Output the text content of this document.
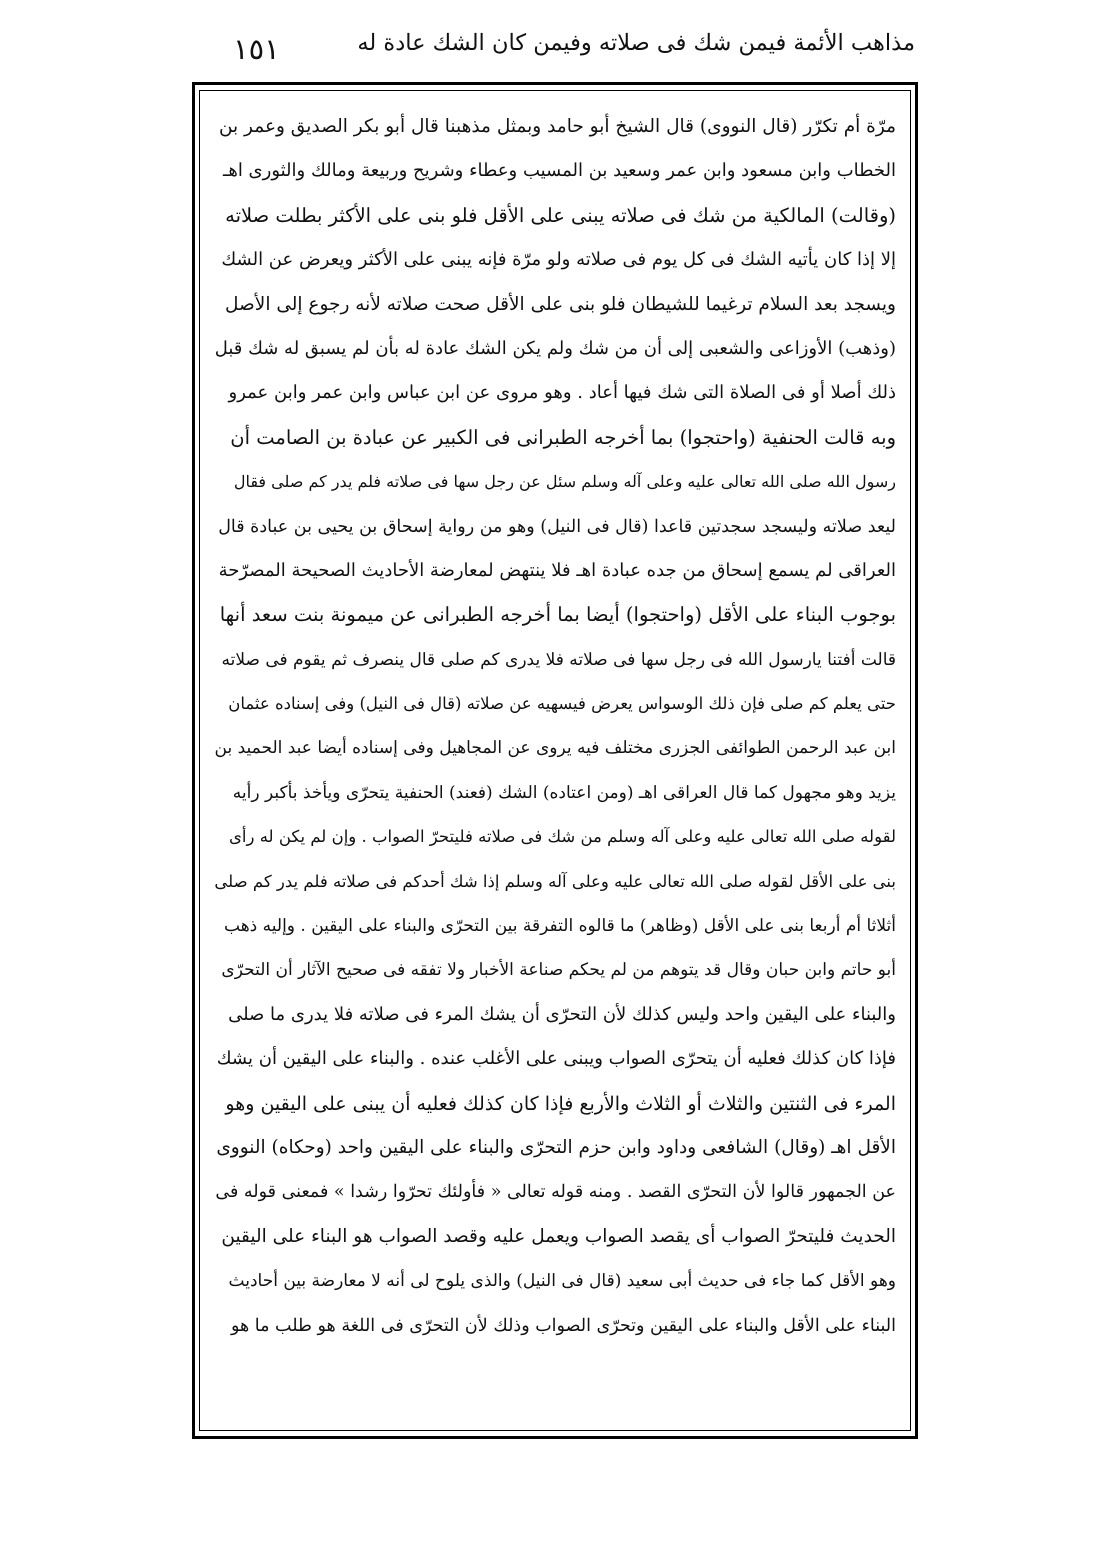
مذاهب الأئمة فيمن شك فى صلاته وفيمن كان الشك عادة له
١٥١
مرّة أم تكرّر (قال النووى) قال الشيخ أبو حامد وبمثل مذهبنا قال أبو بكر الصديق وعمر بن
الخطاب وابن مسعود وابن عمر وسعيد بن المسيب وعطاء وشريح وربيعة ومالك والثورى اهـ
(وقالت) المالكية من شك فى صلاته يبنى على الأقل فلو بنى على الأكثر بطلت صلاته
إلا إذا كان يأتيه الشك فى كل يوم فى صلاته ولو مرّة فإنه يبنى على الأكثر ويعرض عن الشك
ويسجد بعد السلام ترغيما للشيطان فلو بنى على الأقل صحت صلاته لأنه رجوع إلى الأصل
(وذهب) الأوزاعى والشعبى إلى أن من شك ولم يكن الشك عادة له بأن لم يسبق له شك قبل
ذلك أصلا أو فى الصلاة التى شك فيها أعاد . وهو مروى عن ابن عباس وابن عمر وابن عمرو
وبه قالت الحنفية (واحتجوا) بما أخرجه الطبرانى فى الكبير عن عبادة بن الصامت أن
رسول الله صلى الله تعالى عليه وعلى آله وسلم سئل عن رجل سها فى صلاته فلم يدر كم صلى فقال
ليعد صلاته وليسجد سجدتين قاعدا (قال فى النيل) وهو من رواية إسحاق بن يحيى بن عبادة قال
العراقى لم يسمع إسحاق من جده عبادة اهـ فلا ينتهض لمعارضة الأحاديث الصحيحة المصرّحة
بوجوب البناء على الأقل (واحتجوا) أيضا بما أخرجه الطبرانى عن ميمونة بنت سعد أنها
قالت أفتنا يارسول الله فى رجل سها فى صلاته فلا يدرى كم صلى قال ينصرف ثم يقوم فى صلاته
حتى يعلم كم صلى فإن ذلك الوسواس يعرض فيسهيه عن صلاته (قال فى النيل) وفى إسناده عثمان
ابن عبد الرحمن الطوائفى الجزرى مختلف فيه يروى عن المجاهيل وفى إسناده أيضا عبد الحميد بن
يزيد وهو مجهول كما قال العراقى اهـ (ومن اعتاده) الشك (فعند) الحنفية يتحرّى ويأخذ بأكبر رأيه
لقوله صلى الله تعالى عليه وعلى آله وسلم من شك فى صلاته فليتحرّ الصواب . وإن لم يكن له رأى
بنى على الأقل لقوله صلى الله تعالى عليه وعلى آله وسلم إذا شك أحدكم فى صلاته فلم يدر كم صلى
أثلاثا أم أربعا بنى على الأقل (وظاهر) ما قالوه التفرقة بين التحرّى والبناء على اليقين . وإليه ذهب
أبو حاتم وابن حبان وقال قد يتوهم من لم يحكم صناعة الأخبار ولا تفقه فى صحيح الآثار أن التحرّى
والبناء على اليقين واحد وليس كذلك لأن التحرّى أن يشك المرء فى صلاته فلا يدرى ما صلى
فإذا كان كذلك فعليه أن يتحرّى الصواب ويبنى على الأغلب عنده . والبناء على اليقين أن يشك
المرء فى الثنتين والثلاث أو الثلاث والأربع فإذا كان كذلك فعليه أن يبنى على اليقين وهو
الأقل اهـ (وقال) الشافعى وداود وابن حزم التحرّى والبناء على اليقين واحد (وحكاه) النووى
عن الجمهور قالوا لأن التحرّى القصد . ومنه قوله تعالى « فأولئك تحرّوا رشدا » فمعنى قوله فى
الحديث فليتحرّ الصواب أى يقصد الصواب ويعمل عليه وقصد الصواب هو البناء على اليقين
وهو الأقل كما جاء فى حديث أبى سعيد (قال فى النيل) والذى يلوح لى أنه لا معارضة بين أحاديث
البناء على الأقل والبناء على اليقين وتحرّى الصواب وذلك لأن التحرّى فى اللغة هو طلب ما هو
